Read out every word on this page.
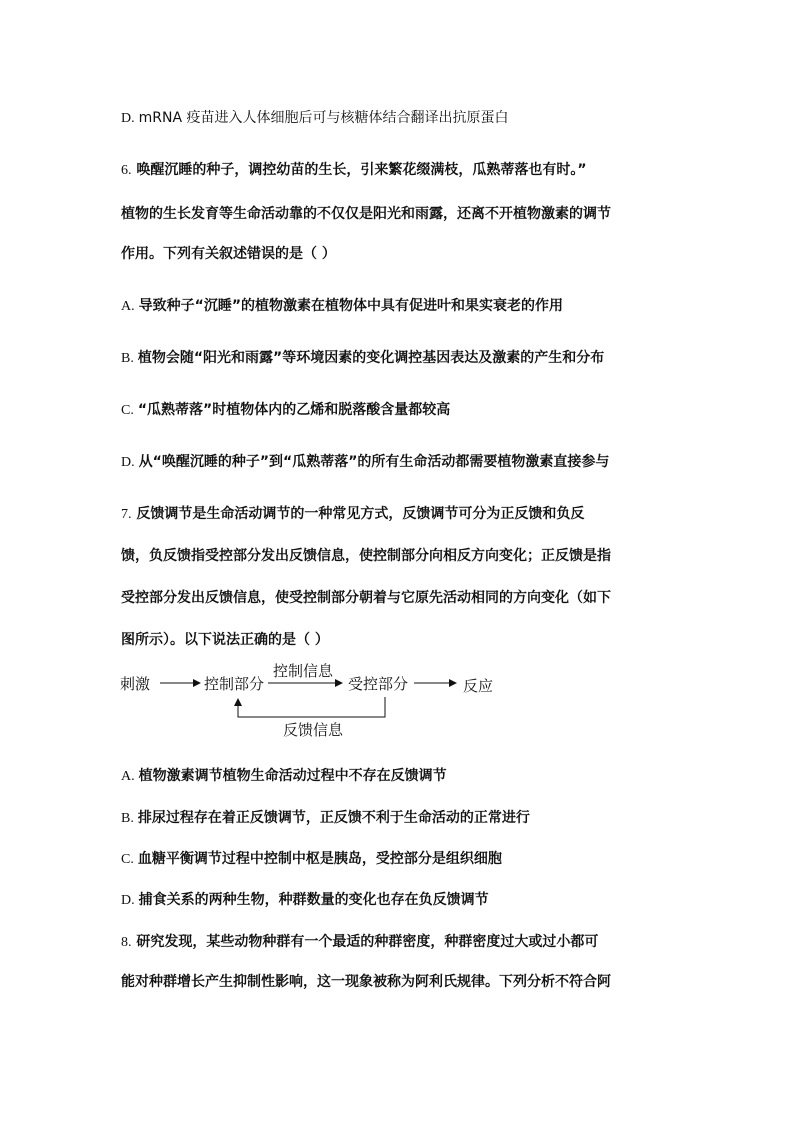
D. mRNA 疫苗进入人体细胞后可与核糖体结合翻译出抗原蛋白
6. 唤醒沉睡的种子，调控幼苗的生长，引来繁花缀满枝，瓜熟蒂落也有时。”
植物的生长发育等生命活动靠的不仅仅是阳光和雨露，还离不开植物激素的调节
作用。下列有关叙述错误的是（ ）
A. 导致种子“沉睡”的植物激素在植物体中具有促进叶和果实衰老的作用
B. 植物会随“阳光和雨露”等环境因素的变化调控基因表达及激素的产生和分布
C. “瓜熟蒂落”时植物体内的乙烯和脱落酸含量都较高
D. 从“唤醒沉睡的种子”到“瓜熟蒂落”的所有生命活动都需要植物激素直接参与
7. 反馈调节是生命活动调节的一种常见方式，反馈调节可分为正反馈和负反
馈，负反馈指受控部分发出反馈信息，使控制部分向相反方向变化；正反馈是指
受控部分发出反馈信息，使受控制部分朝着与它原先活动相同的方向变化（如下
图所示）。以下说法正确的是（ ）
刺激	控制部分
控制信息
受控部分	反应
反馈信息
A. 植物激素调节植物生命活动过程中不存在反馈调节
B. 排尿过程存在着正反馈调节，正反馈不利于生命活动的正常进行
C. 血糖平衡调节过程中控制中枢是胰岛，受控部分是组织细胞
D. 捕食关系的两种生物，种群数量的变化也存在负反馈调节
8. 研究发现，某些动物种群有一个最适的种群密度，种群密度过大或过小都可
能对种群增长产生抑制性影响，这一现象被称为阿利氏规律。下列分析不符合阿
